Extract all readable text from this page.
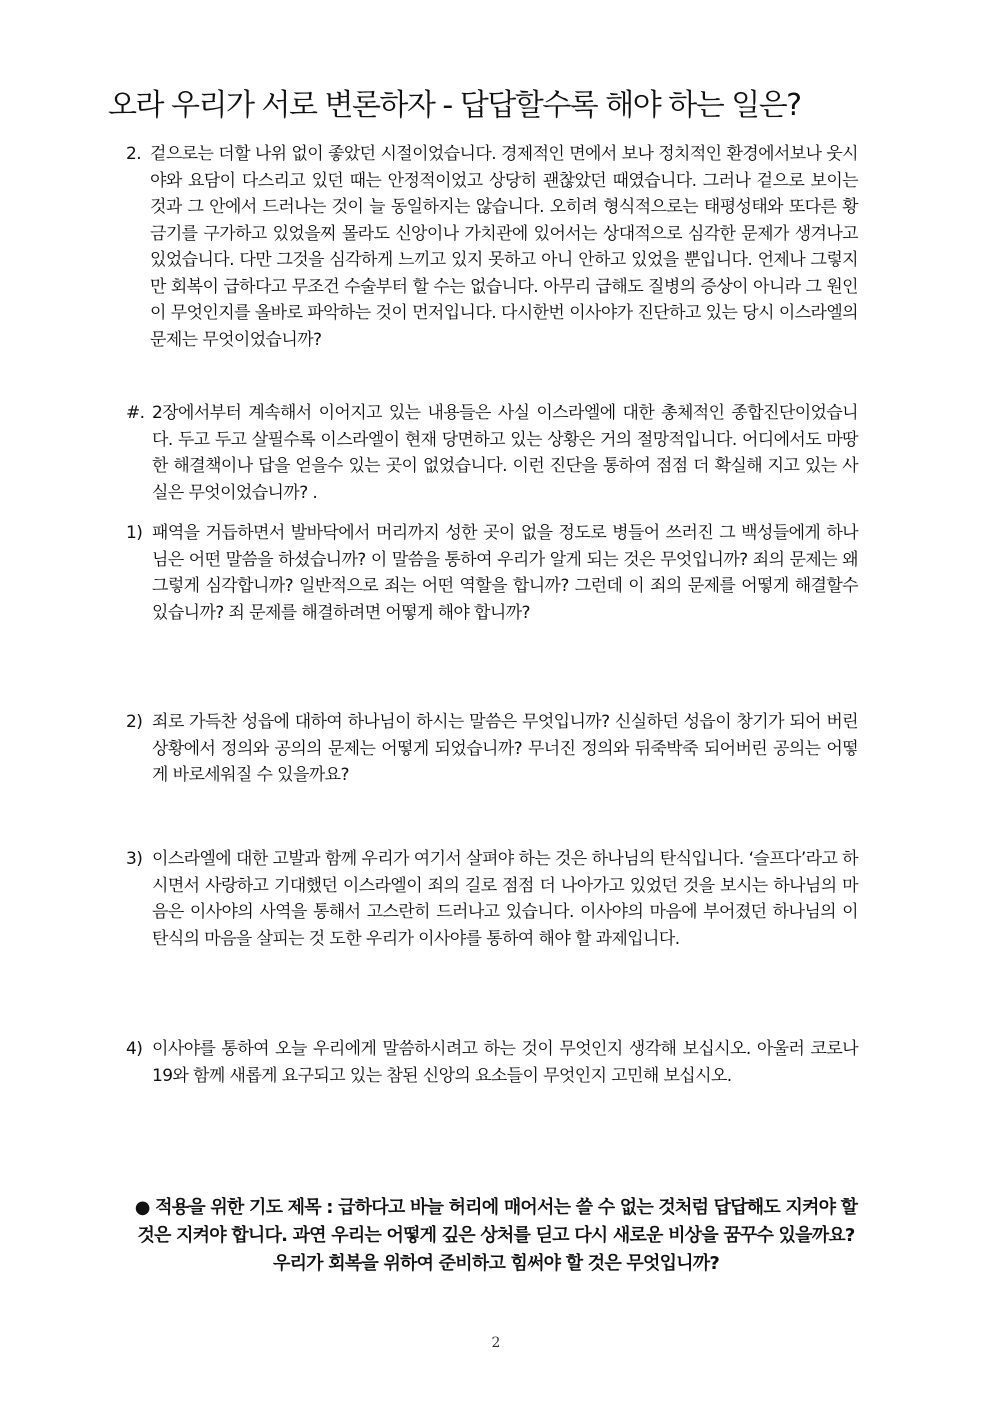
오라 우리가 서로 변론하자 - 답답할수록 해야 하는 일은?
2. 겉으로는 더할 나위 없이 좋았던 시절이었습니다. 경제적인 면에서 보나 정치적인 환경에서보나 웃시야와 요담이 다스리고 있던 때는 안정적이었고 상당히 괜찮았던 때였습니다. 그러나 겉으로 보이는 것과 그 안에서 드러나는 것이 늘 동일하지는 않습니다. 오히려 형식적으로는 태평성태와 또다른 황금기를 구가하고 있었을찌 몰라도 신앙이나 가치관에 있어서는 상대적으로 심각한 문제가 생겨나고 있었습니다. 다만 그것을 심각하게 느끼고 있지 못하고 아니 안하고 있었을 뿐입니다. 언제나 그렇지만 회복이 급하다고 무조건 수술부터 할 수는 없습니다. 아무리 급해도 질병의 증상이 아니라 그 원인이 무엇인지를 올바로 파악하는 것이 먼저입니다. 다시한번 이사야가 진단하고 있는 당시 이스라엘의 문제는 무엇이었습니까?

#. 2장에서부터 계속해서 이어지고 있는 내용들은 사실 이스라엘에 대한 총체적인 종합진단이었습니다. 두고 두고 살필수록 이스라엘이 현재 당면하고 있는 상황은 거의 절망적입니다. 어디에서도 마땅한 해결책이나 답을 얻을수 있는 곳이 없었습니다. 이런 진단을 통하여 점점 더 확실해 지고 있는 사실은 무엇이었습니까? .

1) 패역을 거듭하면서 발바닥에서 머리까지 성한 곳이 없을 정도로 병들어 쓰러진 그 백성들에게 하나님은 어떤 말씀을 하셨습니까? 이 말씀을 통하여 우리가 알게 되는 것은 무엇입니까? 죄의 문제는 왜 그렇게 심각합니까? 일반적으로 죄는 어떤 역할을 합니까? 그런데 이 죄의 문제를 어떻게 해결할수 있습니까? 죄 문제를 해결하려면 어떻게 해야 합니까?

2) 죄로 가득찬 성읍에 대하여 하나님이 하시는 말씀은 무엇입니까? 신실하던 성읍이 창기가 되어 버린 상황에서 정의와 공의의 문제는 어떻게 되었습니까? 무너진 정의와 뒤죽박죽 되어버린 공의는 어떻게 바로세워질 수 있을까요?

3) 이스라엘에 대한 고발과 함께 우리가 여기서 살펴야 하는 것은 하나님의 탄식입니다. ‘슬프다’라고 하시면서 사랑하고 기대했던 이스라엘이 죄의 길로 점점 더 나아가고 있었던 것을 보시는 하나님의 마음은 이사야의 사역을 통해서 고스란히 드러나고 있습니다. 이사야의 마음에 부어졌던 하나님의 이 탄식의 마음을 살피는 것 도한 우리가 이사야를 통하여 해야 할 과제입니다.

4) 이사야를 통하여 오늘 우리에게 말씀하시려고 하는 것이 무엇인지 생각해 보십시오. 아울러 코로나19와 함께 새롭게 요구되고 있는 참된 신앙의 요소들이 무엇인지 고민해 보십시오.

● 적용을 위한 기도 제목 : 급하다고 바늘 허리에 매어서는 쓸 수 없는 것처럼 답답해도 지켜야 할 것은 지켜야 합니다. 과연 우리는 어떻게 깊은 상처를 딛고 다시 새로운 비상을 꿈꾸수 있을까요? 우리가 회복을 위하여 준비하고 힘써야 할 것은 무엇입니까?

2
